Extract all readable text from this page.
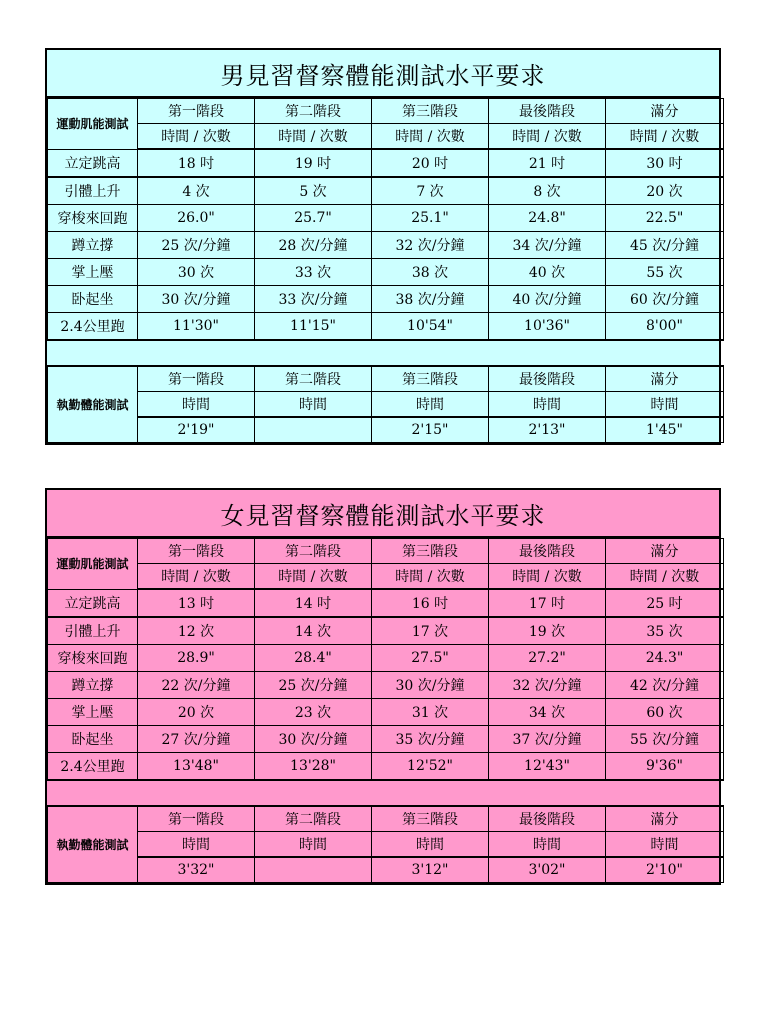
男見習督察體能測試水平要求
運動肌能測試	第一階段	第二階段	第三階段	最後階段	滿分
	時間 / 次數	時間 / 次數	時間 / 次數	時間 / 次數	時間 / 次數
立定跳高	18 吋	19 吋	20 吋	21 吋	30 吋
引體上升	4 次	5 次	7 次	8 次	20 次
穿梭來回跑	26.0"	25.7"	25.1"	24.8"	22.5"
蹲立撐	25 次/分鐘	28 次/分鐘	32 次/分鐘	34 次/分鐘	45 次/分鐘
掌上壓	30 次	33 次	38 次	40 次	55 次
卧起坐	30 次/分鐘	33 次/分鐘	38 次/分鐘	40 次/分鐘	60 次/分鐘
2.4公里跑	11'30"	11'15"	10'54"	10'36"	8'00"

執勤體能測試	第一階段	第二階段	第三階段	最後階段	滿分
	時間	時間	時間	時間	時間
	2'19"		2'15"	2'13"	1'45"
女見習督察體能測試水平要求
運動肌能測試	第一階段	第二階段	第三階段	最後階段	滿分
	時間 / 次數	時間 / 次數	時間 / 次數	時間 / 次數	時間 / 次數
立定跳高	13 吋	14 吋	16 吋	17 吋	25 吋
引體上升	12 次	14 次	17 次	19 次	35 次
穿梭來回跑	28.9"	28.4"	27.5"	27.2"	24.3"
蹲立撐	22 次/分鐘	25 次/分鐘	30 次/分鐘	32 次/分鐘	42 次/分鐘
掌上壓	20 次	23 次	31 次	34 次	60 次
卧起坐	27 次/分鐘	30 次/分鐘	35 次/分鐘	37 次/分鐘	55 次/分鐘
2.4公里跑	13'48"	13'28"	12'52"	12'43"	9'36"

執勤體能測試	第一階段	第二階段	第三階段	最後階段	滿分
	時間	時間	時間	時間	時間
	3'32"		3'12"	3'02"	2'10"
